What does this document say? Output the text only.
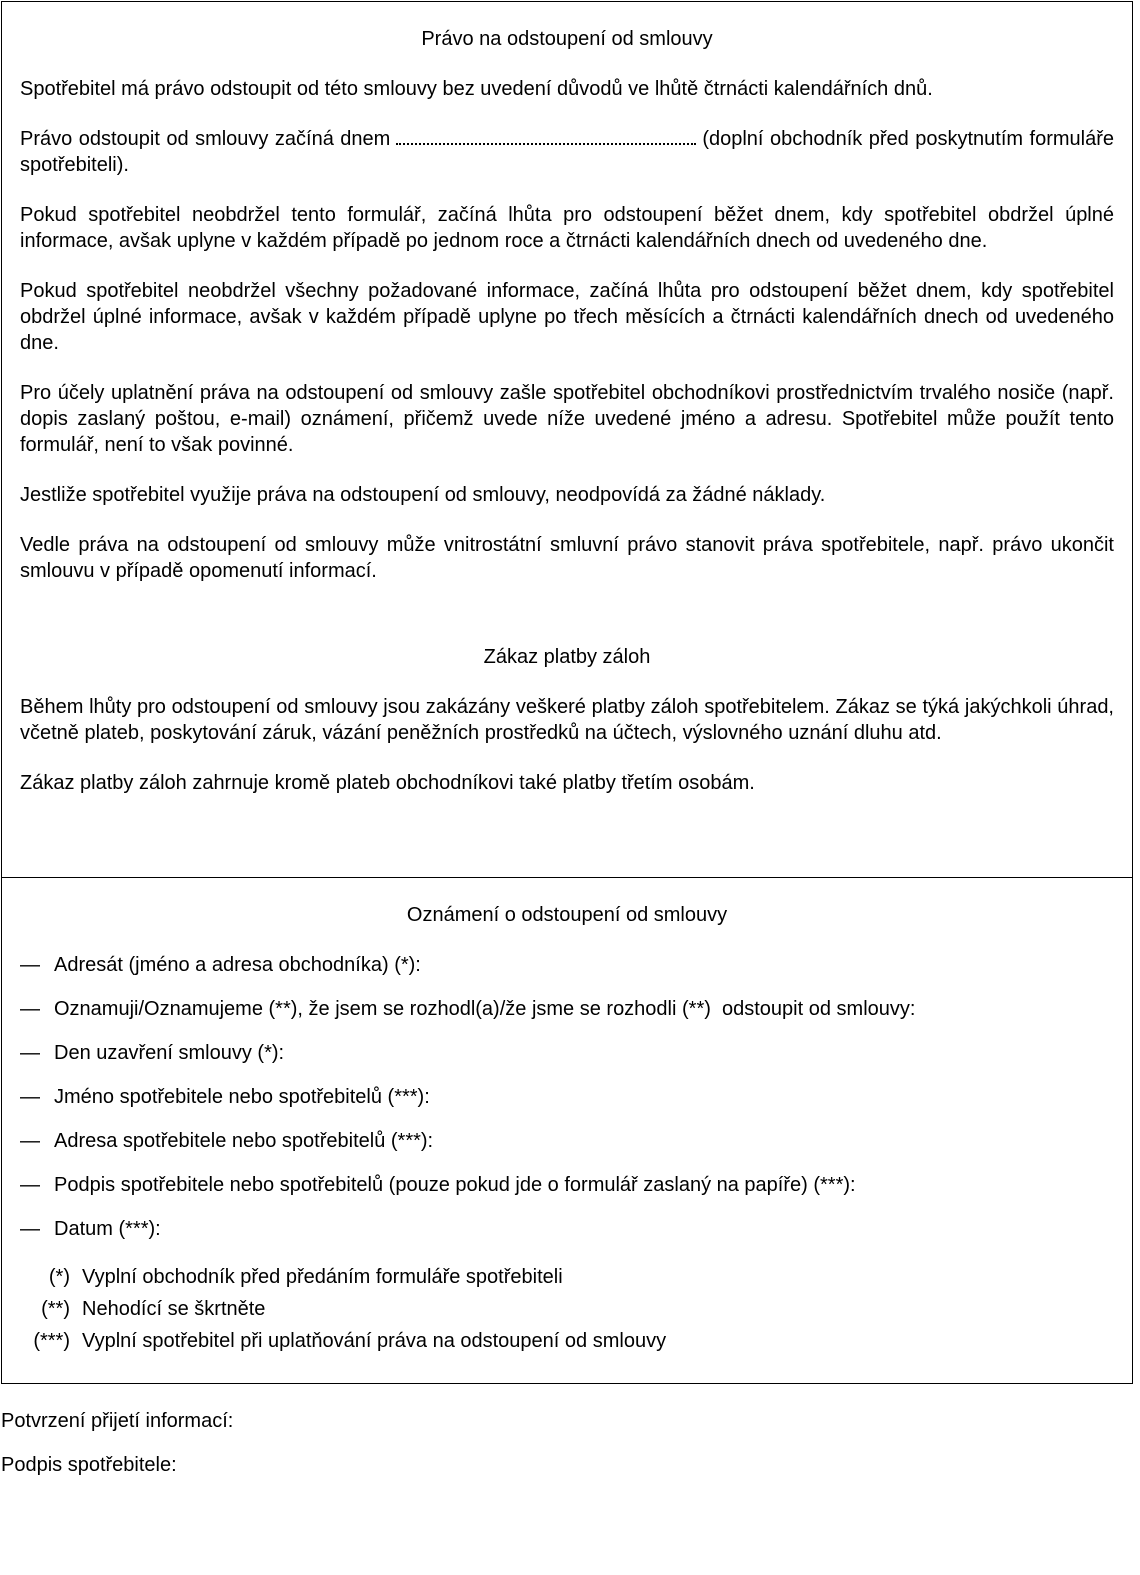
Právo na odstoupení od smlouvy
Spotřebitel má právo odstoupit od této smlouvy bez uvedení důvodů ve lhůtě čtrnácti kalendářních dnů.
Právo odstoupit od smlouvy začíná dnem	(doplní obchodník před poskytnutím formuláře spotřebiteli).
Pokud spotřebitel neobdržel tento formulář, začíná lhůta pro odstoupení běžet dnem, kdy spotřebitel obdržel úplné informace, avšak uplyne v každém případě po jednom roce a čtrnácti kalendářních dnech od uvedeného dne.
Pokud spotřebitel neobdržel všechny požadované informace, začíná lhůta pro odstoupení běžet dnem, kdy spotřebitel obdržel úplné informace, avšak v každém případě uplyne po třech měsících a čtrnácti kalendářních dnech od uvedeného dne.
Pro účely uplatnění práva na odstoupení od smlouvy zašle spotřebitel obchodníkovi prostřednictvím trvalého nosiče (např. dopis zaslaný poštou, e-mail) oznámení, přičemž uvede níže uvedené jméno a adresu. Spotřebitel může použít tento formulář, není to však povinné.
Jestliže spotřebitel využije práva na odstoupení od smlouvy, neodpovídá za žádné náklady.
Vedle práva na odstoupení od smlouvy může vnitrostátní smluvní právo stanovit práva spotřebitele, např. právo ukončit smlouvu v případě opomenutí informací.
Zákaz platby záloh
Během lhůty pro odstoupení od smlouvy jsou zakázány veškeré platby záloh spotřebitelem. Zákaz se týká jakýchkoli úhrad, včetně plateb, poskytování záruk, vázání peněžních prostředků na účtech, výslovného uznání dluhu atd.
Zákaz platby záloh zahrnuje kromě plateb obchodníkovi také platby třetím osobám.
Oznámení o odstoupení od smlouvy
— Adresát (jméno a adresa obchodníka) (*):
— Oznamuji/Oznamujeme (**), že jsem se rozhodl(a)/že jsme se rozhodli (**)  odstoupit od smlouvy:
— Den uzavření smlouvy (*):
— Jméno spotřebitele nebo spotřebitelů (***):
— Adresa spotřebitele nebo spotřebitelů (***):
— Podpis spotřebitele nebo spotřebitelů (pouze pokud jde o formulář zaslaný na papíře) (***):
— Datum (***):
(*) Vyplní obchodník před předáním formuláře spotřebiteli
(**) Nehodící se škrtněte
(***) Vyplní spotřebitel při uplatňování práva na odstoupení od smlouvy
Potvrzení přijetí informací:
Podpis spotřebitele:
